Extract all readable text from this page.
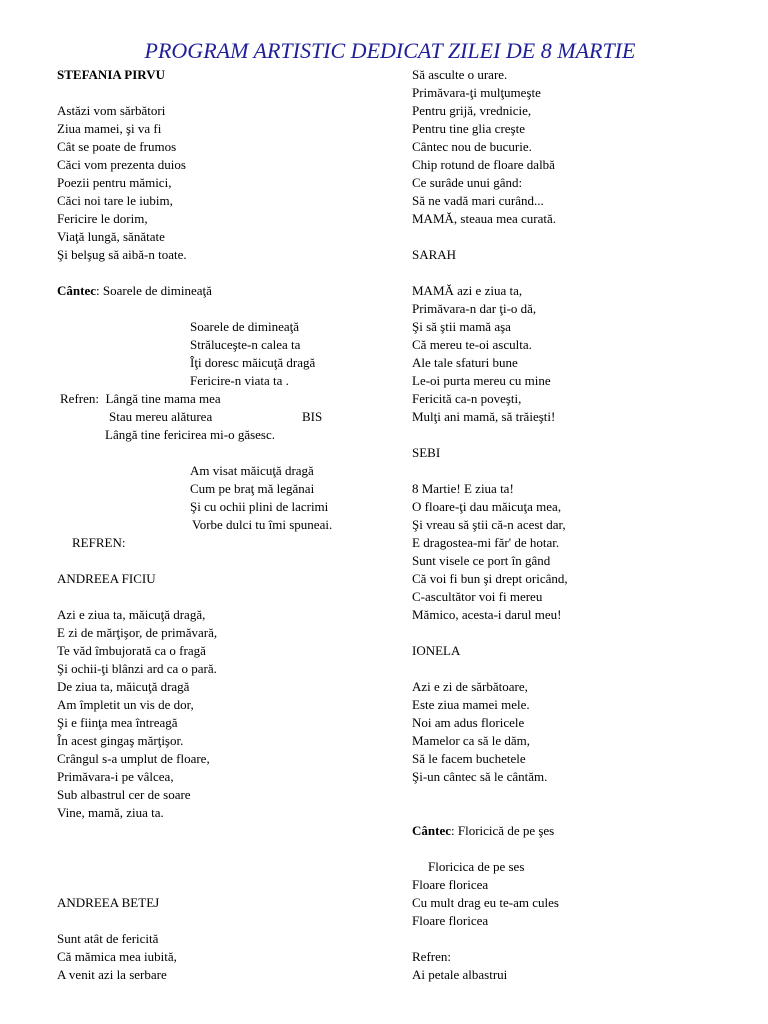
PROGRAM ARTISTIC DEDICAT ZILEI DE 8 MARTIE
STEFANIA PIRVU
Astăzi vom sărbători
Ziua mamei, şi va fi
Cât se poate de frumos
Căci vom prezenta duios
Poezii pentru mămici,
Căci noi tare le iubim,
Fericire le dorim,
Viaţă lungă, sănătate
Şi belşug să aibă-n toate.
Cântec: Soarele de dimineaţă
Soarele de dimineaţă
Străluceşte-n calea ta
Îţi doresc măicuţă dragă
Fericire-n viata ta .
Refren:  Lângă tine mama mea
Stau mereu alăturea	BIS
Lângă tine fericirea mi-o găsesc.
Am visat măicuţă dragă
Cum pe braţ mă legănai
Şi cu ochii plini de lacrimi
Vorbe dulci tu îmi spuneai.
REFREN:
ANDREEA FICIU
Azi e ziua ta, măicuţă dragă,
E zi de mărţişor, de primăvară,
Te văd îmbujorată ca o fragă
Şi ochii-ţi blânzi ard ca o pară.
De ziua ta, măicuţă dragă
Am împletit un vis de dor,
Şi e fiinţa mea întreagă
În acest gingaş mărţişor.
Crângul s-a umplut de floare,
Primăvara-i pe vâlcea,
Sub albastrul cer de soare
Vine, mamă, ziua ta.
ANDREEA BETEJ
Sunt atât de fericită
Că mămica mea iubită,
A venit azi la serbare
Să asculte o urare.
Primăvara-ţi mulţumeşte
Pentru grijă, vrednicie,
Pentru tine glia creşte
Cântec nou de bucurie.
Chip rotund de floare dalbă
Ce surâde unui gând:
Să ne vadă mari curând...
MAMĂ, steaua mea curată.
SARAH
MAMĂ azi e ziua ta,
Primăvara-n dar ţi-o dă,
Şi să ştii mamă aşa
Că mereu te-oi asculta.
Ale tale sfaturi bune
Le-oi purta mereu cu mine
Fericită ca-n poveşti,
Mulţi ani mamă, să trăieşti!
SEBI
8 Martie! E ziua ta!
O floare-ţi dau măicuţa mea,
Şi vreau să ştii că-n acest dar,
E dragostea-mi făr' de hotar.
Sunt visele ce port în gând
Că voi fi bun şi drept oricând,
C-ascultător voi fi mereu
Mămico, acesta-i darul meu!
IONELA
Azi e zi de sărbătoare,
Este ziua mamei mele.
Noi am adus floricele
Mamelor ca să le dăm,
Să le facem buchetele
Şi-un cântec să le cântăm.
Cântec: Floricică de pe şes
Floricica de pe ses
Floare floricea
Cu mult drag eu te-am cules
Floare floricea
Refren:
Ai petale albastrui
